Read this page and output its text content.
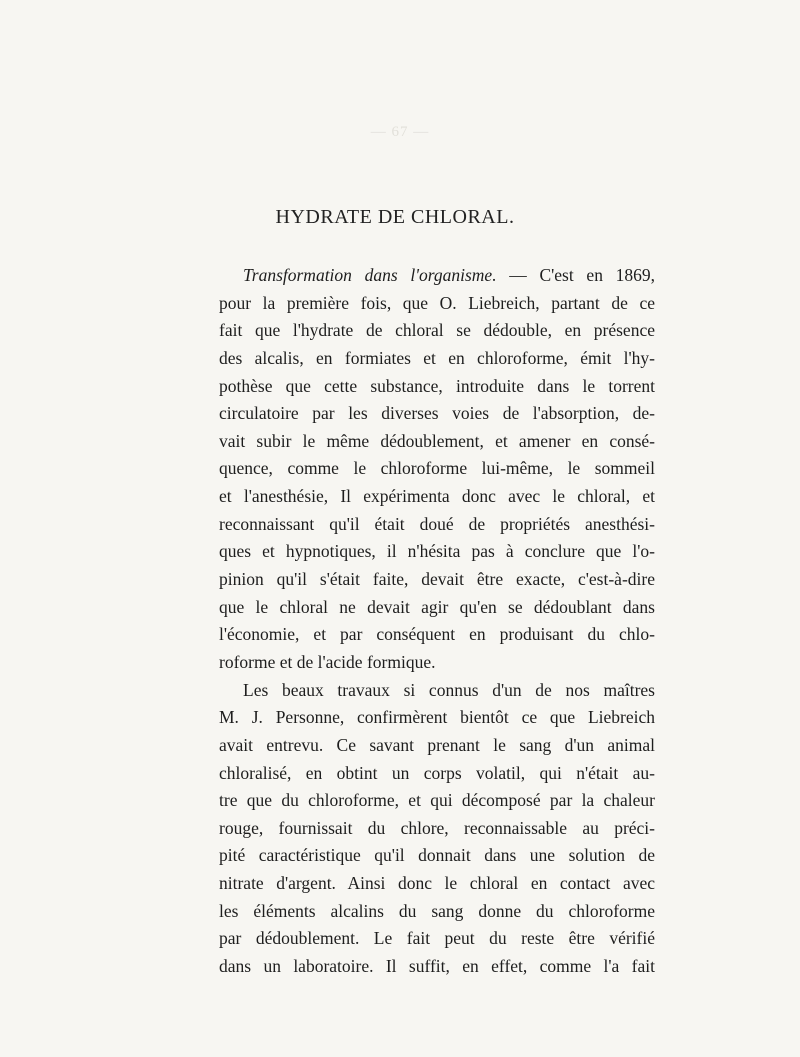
— 67 —
HYDRATE DE CHLORAL.
Transformation dans l'organisme. — C'est en 1869,
pour la première fois, que O. Liebreich, partant de ce
fait que l'hydrate de chloral se dédouble, en présence
des alcalis, en formiates et en chloroforme, émit l'hy-
pothèse que cette substance, introduite dans le torrent
circulatoire par les diverses voies de l'absorption, de-
vait subir le même dédoublement, et amener en consé-
quence, comme le chloroforme lui-même, le sommeil
et l'anesthésie, Il expérimenta donc avec le chloral, et
reconnaissant qu'il était doué de propriétés anesthési-
ques et hypnotiques, il n'hésita pas à conclure que l'o-
pinion qu'il s'était faite, devait être exacte, c'est-à-dire
que le chloral ne devait agir qu'en se dédoublant dans
l'économie, et par conséquent en produisant du chlo-
roforme et de l'acide formique.
Les beaux travaux si connus d'un de nos maîtres
M. J. Personne, confirmèrent bientôt ce que Liebreich
avait entrevu. Ce savant prenant le sang d'un animal
chloralisé, en obtint un corps volatil, qui n'était au-
tre que du chloroforme, et qui décomposé par la chaleur
rouge, fournissait du chlore, reconnaissable au préci-
pité caractéristique qu'il donnait dans une solution de
nitrate d'argent. Ainsi donc le chloral en contact avec
les éléments alcalins du sang donne du chloroforme
par dédoublement. Le fait peut du reste être vérifié
dans un laboratoire. Il suffit, en effet, comme l'a fait
